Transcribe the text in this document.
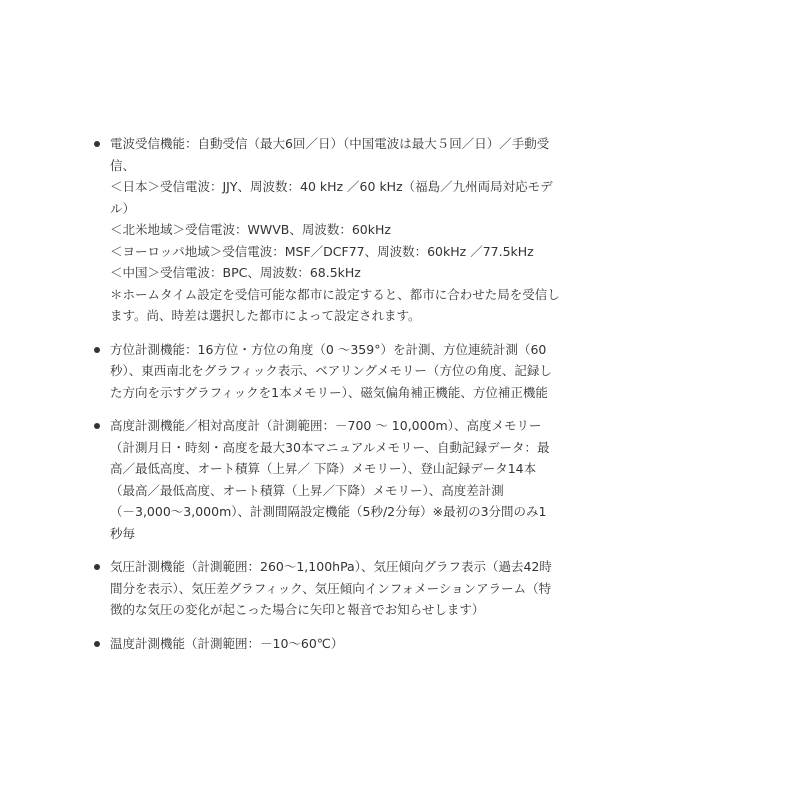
電波受信機能：自動受信（最大6回／日）（中国電波は最大５回／日）／手動受
信、
＜日本＞受信電波：JJY、周波数：40 kHz ／60 kHz（福島／九州両局対応モデ
ル）
＜北米地域＞受信電波：WWVB、周波数：60kHz
＜ヨーロッパ地域＞受信電波：MSF／DCF77、周波数：60kHz ／77.5kHz
＜中国＞受信電波：BPC、周波数：68.5kHz
＊ホームタイム設定を受信可能な都市に設定すると、都市に合わせた局を受信し
ます。尚、時差は選択した都市によって設定されます。
方位計測機能：16方位・方位の角度（0 ～359°）を計測、方位連続計測（60
秒）、東西南北をグラフィック表示、ベアリングメモリー（方位の角度、記録し
た方向を示すグラフィックを1本メモリー）、磁気偏角補正機能、方位補正機能
高度計測機能／相対高度計（計測範囲：－700 ～ 10,000m）、高度メモリー
（計測月日・時刻・高度を最大30本マニュアルメモリー、自動記録データ：最
高／最低高度、オート積算（上昇／ 下降）メモリー）、登山記録データ14本
（最高／最低高度、オート積算（上昇／下降）メモリー）、高度差計測
（－3,000～3,000m）、計測間隔設定機能（5秒/2分毎）※最初の3分間のみ1
秒毎
気圧計測機能（計測範囲：260～1,100hPa）、気圧傾向グラフ表示（過去42時
間分を表示）、気圧差グラフィック、気圧傾向インフォメーションアラーム（特
徴的な気圧の変化が起こった場合に矢印と報音でお知らせします）
温度計測機能（計測範囲：－10～60℃）
